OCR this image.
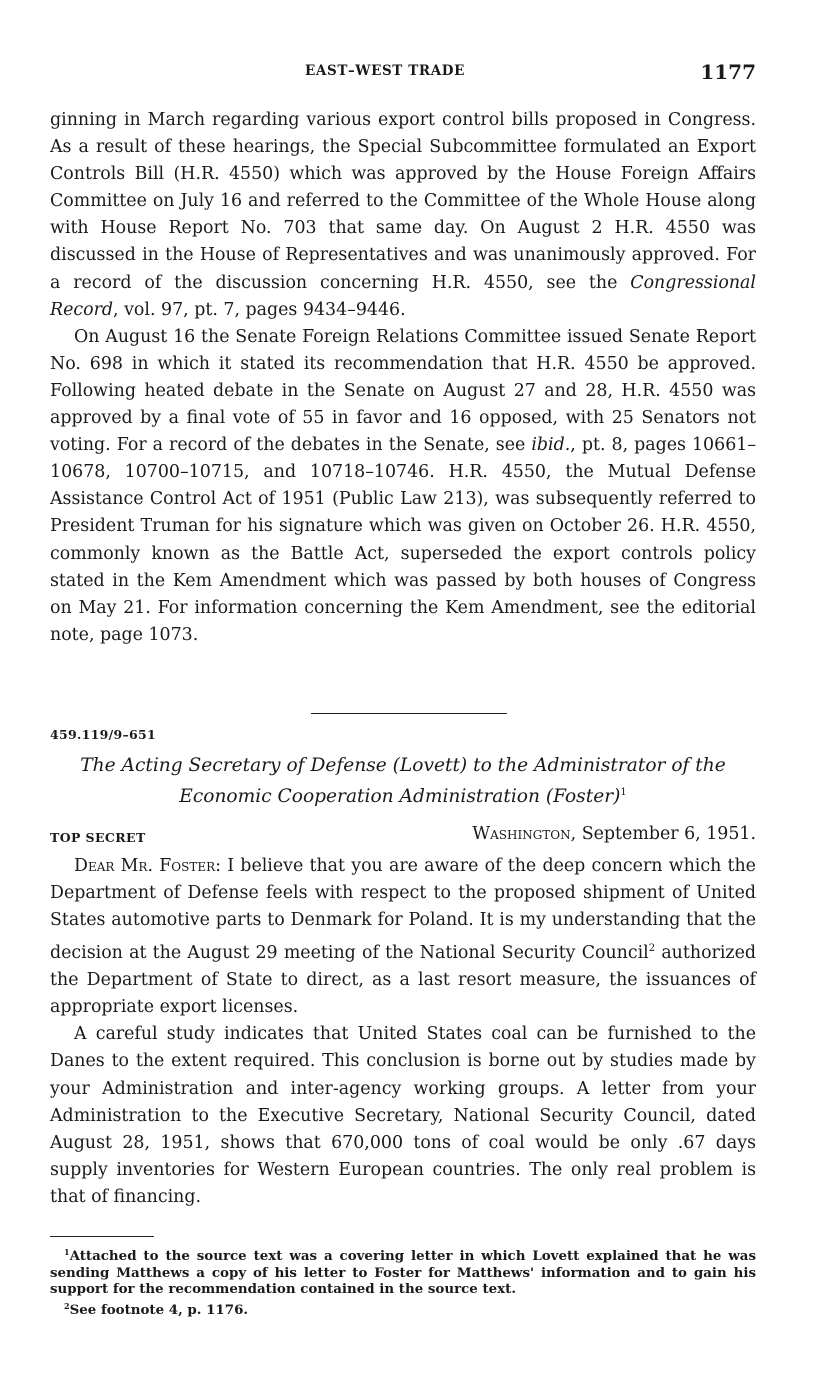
EAST–WEST TRADE	1177

ginning in March regarding various export control bills proposed in Congress. As a result of these hearings, the Special Subcommittee formulated an Export Controls Bill (H.R. 4550) which was approved by the House Foreign Affairs Committee on July 16 and referred to the Committee of the Whole House along with House Report No. 703 that same day. On August 2 H.R. 4550 was discussed in the House of Representatives and was unanimously approved. For a record of the discussion concerning H.R. 4550, see the Congressional Record, vol. 97, pt. 7, pages 9434–9446.

On August 16 the Senate Foreign Relations Committee issued Senate Report No. 698 in which it stated its recommendation that H.R. 4550 be approved. Following heated debate in the Senate on August 27 and 28, H.R. 4550 was approved by a final vote of 55 in favor and 16 opposed, with 25 Senators not voting. For a record of the debates in the Senate, see ibid., pt. 8, pages 10661–10678, 10700–10715, and 10718–10746. H.R. 4550, the Mutual Defense Assistance Control Act of 1951 (Public Law 213), was subsequently referred to President Truman for his signature which was given on October 26. H.R. 4550, commonly known as the Battle Act, superseded the export controls policy stated in the Kem Amendment which was passed by both houses of Congress on May 21. For information concerning the Kem Amendment, see the editorial note, page 1073.

459.119/9–651
The Acting Secretary of Defense (Lovett) to the Administrator of the Economic Cooperation Administration (Foster)$^1$
TOP SECRET	Washington, September 6, 1951.

Dear Mr. Foster: I believe that you are aware of the deep concern which the Department of Defense feels with respect to the proposed shipment of United States automotive parts to Denmark for Poland. It is my understanding that the decision at the August 29 meeting of the National Security Council$^2$ authorized the Department of State to direct, as a last resort measure, the issuances of appropriate export licenses.

A careful study indicates that United States coal can be furnished to the Danes to the extent required. This conclusion is borne out by studies made by your Administration and inter-agency working groups. A letter from your Administration to the Executive Secretary, National Security Council, dated August 28, 1951, shows that 670,000 tons of coal would be only .67 days supply inventories for Western European countries. The only real problem is that of financing.

$^1$Attached to the source text was a covering letter in which Lovett explained that he was sending Matthews a copy of his letter to Foster for Matthews' information and to gain his support for the recommendation contained in the source text.

$^2$See footnote 4, p. 1176.
